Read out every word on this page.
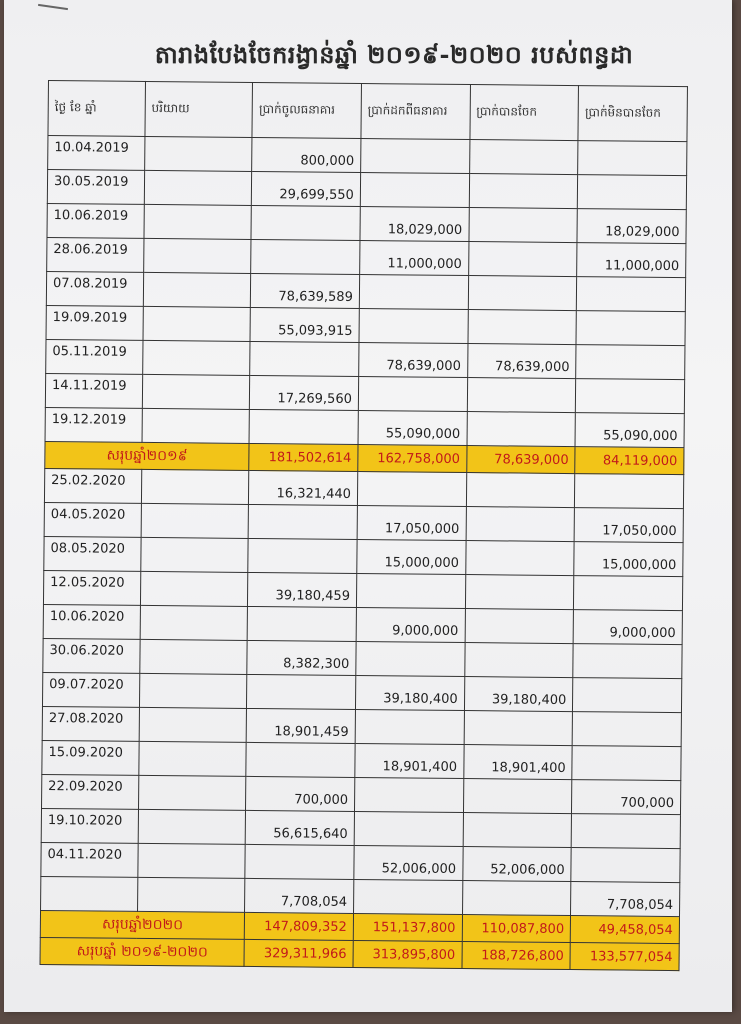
តារាងបែងចែករង្វាន់ឆ្នាំ ២០១៩-២០២០ របស់ពន្ធដា
ថ្ងៃ ខែ ឆ្នាំ	បរិយាយ	ប្រាក់ចូលធនាគារ	ប្រាក់ដកពីធនាគារ	ប្រាក់បានចែក	ប្រាក់មិនបានចែក
10.04.2019		800,000			
30.05.2019		29,699,550			
10.06.2019			18,029,000		18,029,000
28.06.2019			11,000,000		11,000,000
07.08.2019		78,639,589			
19.09.2019		55,093,915			
05.11.2019			78,639,000	78,639,000	
14.11.2019		17,269,560			
19.12.2019			55,090,000		55,090,000
សរុបឆ្នាំ២០១៩		181,502,614	162,758,000	78,639,000	84,119,000
25.02.2020		16,321,440			
04.05.2020			17,050,000		17,050,000
08.05.2020			15,000,000		15,000,000
12.05.2020		39,180,459			
10.06.2020			9,000,000		9,000,000
30.06.2020		8,382,300			
09.07.2020			39,180,400	39,180,400	
27.08.2020		18,901,459			
15.09.2020			18,901,400	18,901,400	
22.09.2020		700,000			700,000
19.10.2020		56,615,640			
04.11.2020			52,006,000	52,006,000	
		7,708,054			7,708,054
សរុបឆ្នាំ២០២០		147,809,352	151,137,800	110,087,800	49,458,054
សរុបឆ្នាំ ២០១៩-២០២០		329,311,966	313,895,800	188,726,800	133,577,054
